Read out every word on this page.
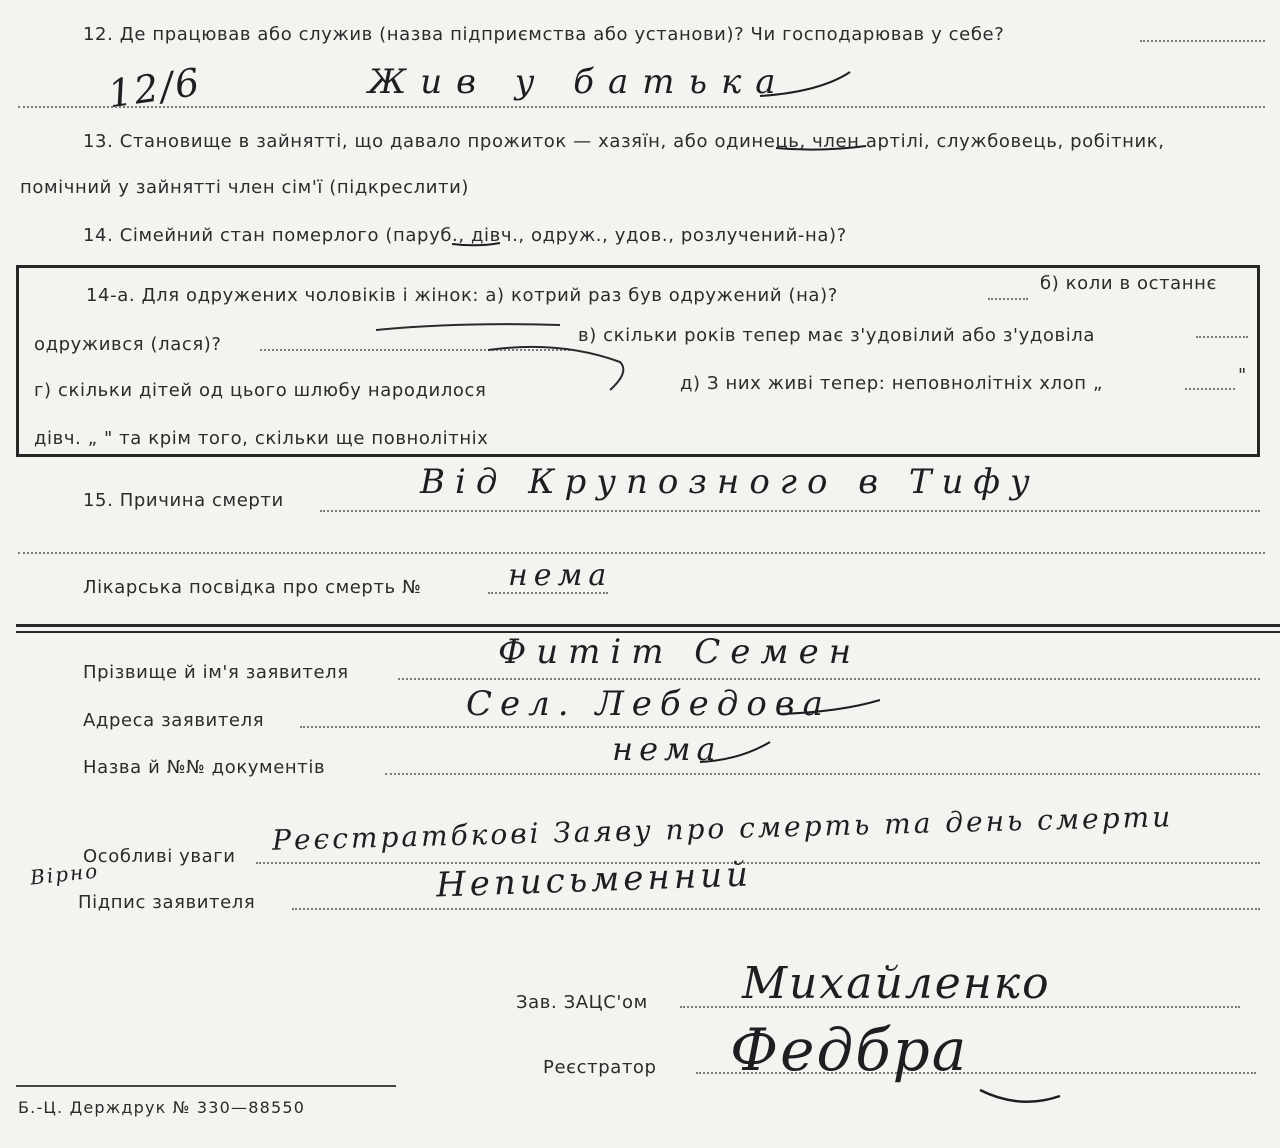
12. Де працював або служив (назва підприємства або установи)? Чи господарював у себе?
12/6	Жив у батька
13. Становище в зайнятті, що давало прожиток — хазяїн, або одинець, член артілі, службовець, робітник,
помічний у зайнятті член сім'ї (підкреслити)
14. Сімейний стан померлого (паруб., дівч., одруж., удов., розлучений-на)?
14-а. Для одружених чоловіків і жінок: а) котрий раз був одружений (на)?
б) коли в останнє
одружився (лася)?	в) скільки років тепер має з'удовілий або з'удовіла
г) скільки дітей од цього шлюбу народилося	д) З них живі тепер: неповнолітніх хлоп „	"
дівч. „ " та крім того, скільки ще повнолітніх
15. Причина смерти	Від Крупозного в Тифу
Лікарська посвідка про смерть №	нема
Прізвище й ім'я заявителя
Фитіт Семен
Адреса заявителя	Сел. Лебедова
Назва й №№ документів	нема
Особливі уваги Реєстратбкові Заяву про смерть та день смерти
Вірно
Підпис заявителя	Неписьменний
Зав. ЗАЦС'ом Михайленко
Реєстратор Федбра
Б.-Ц. Держдрук № 330—88550
